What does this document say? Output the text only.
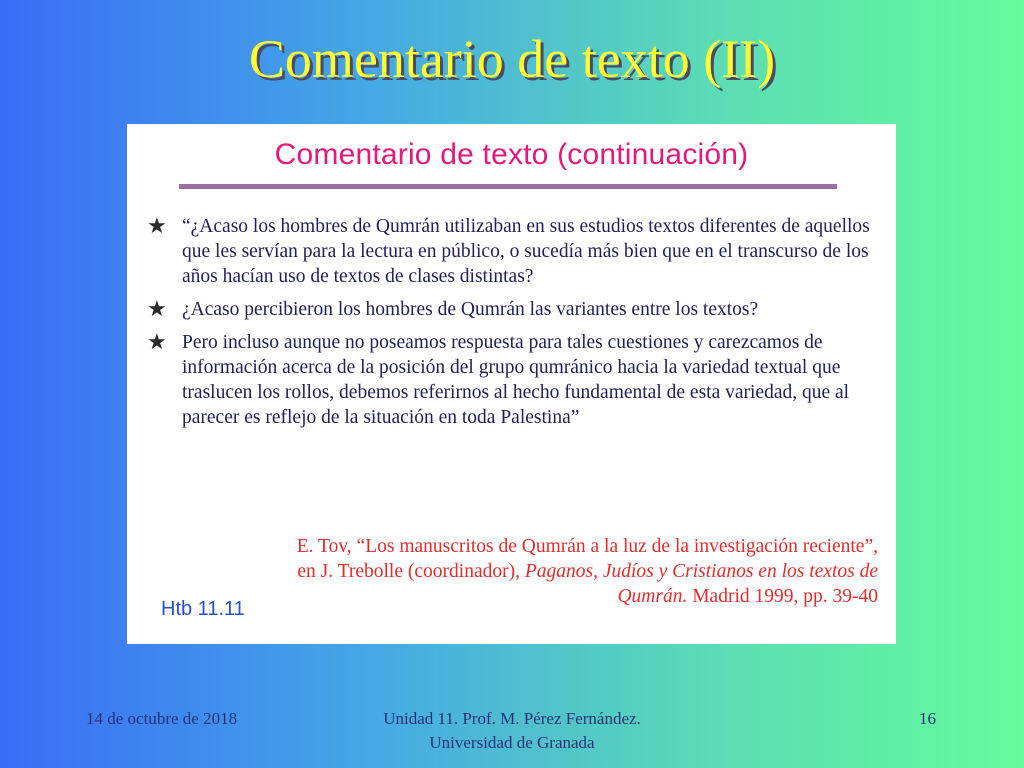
Comentario de texto (II)
Comentario de texto (continuación)
★ “¿Acaso los hombres de Qumrán utilizaban en sus estudios textos diferentes de aquellos que les servían para la lectura en público, o sucedía más bien que en el transcurso de los años hacían uso de textos de clases distintas?
★ ¿Acaso percibieron los hombres de Qumrán las variantes entre los textos?
★ Pero incluso aunque no poseamos respuesta para tales cuestiones y carezcamos de información acerca de la posición del grupo qumránico hacia la variedad textual que traslucen los rollos, debemos referirnos al hecho fundamental de esta variedad, que al parecer es reflejo de la situación en toda Palestina”
E. Tov, “Los manuscritos de Qumrán a la luz de la investigación reciente”,
en J. Trebolle (coordinador), Paganos, Judíos y Cristianos en los textos de
Qumrán. Madrid 1999, pp. 39-40
Htb 11.11
14 de octubre de 2018	Unidad 11. Prof. M. Pérez Fernández.
Universidad de Granada
16
